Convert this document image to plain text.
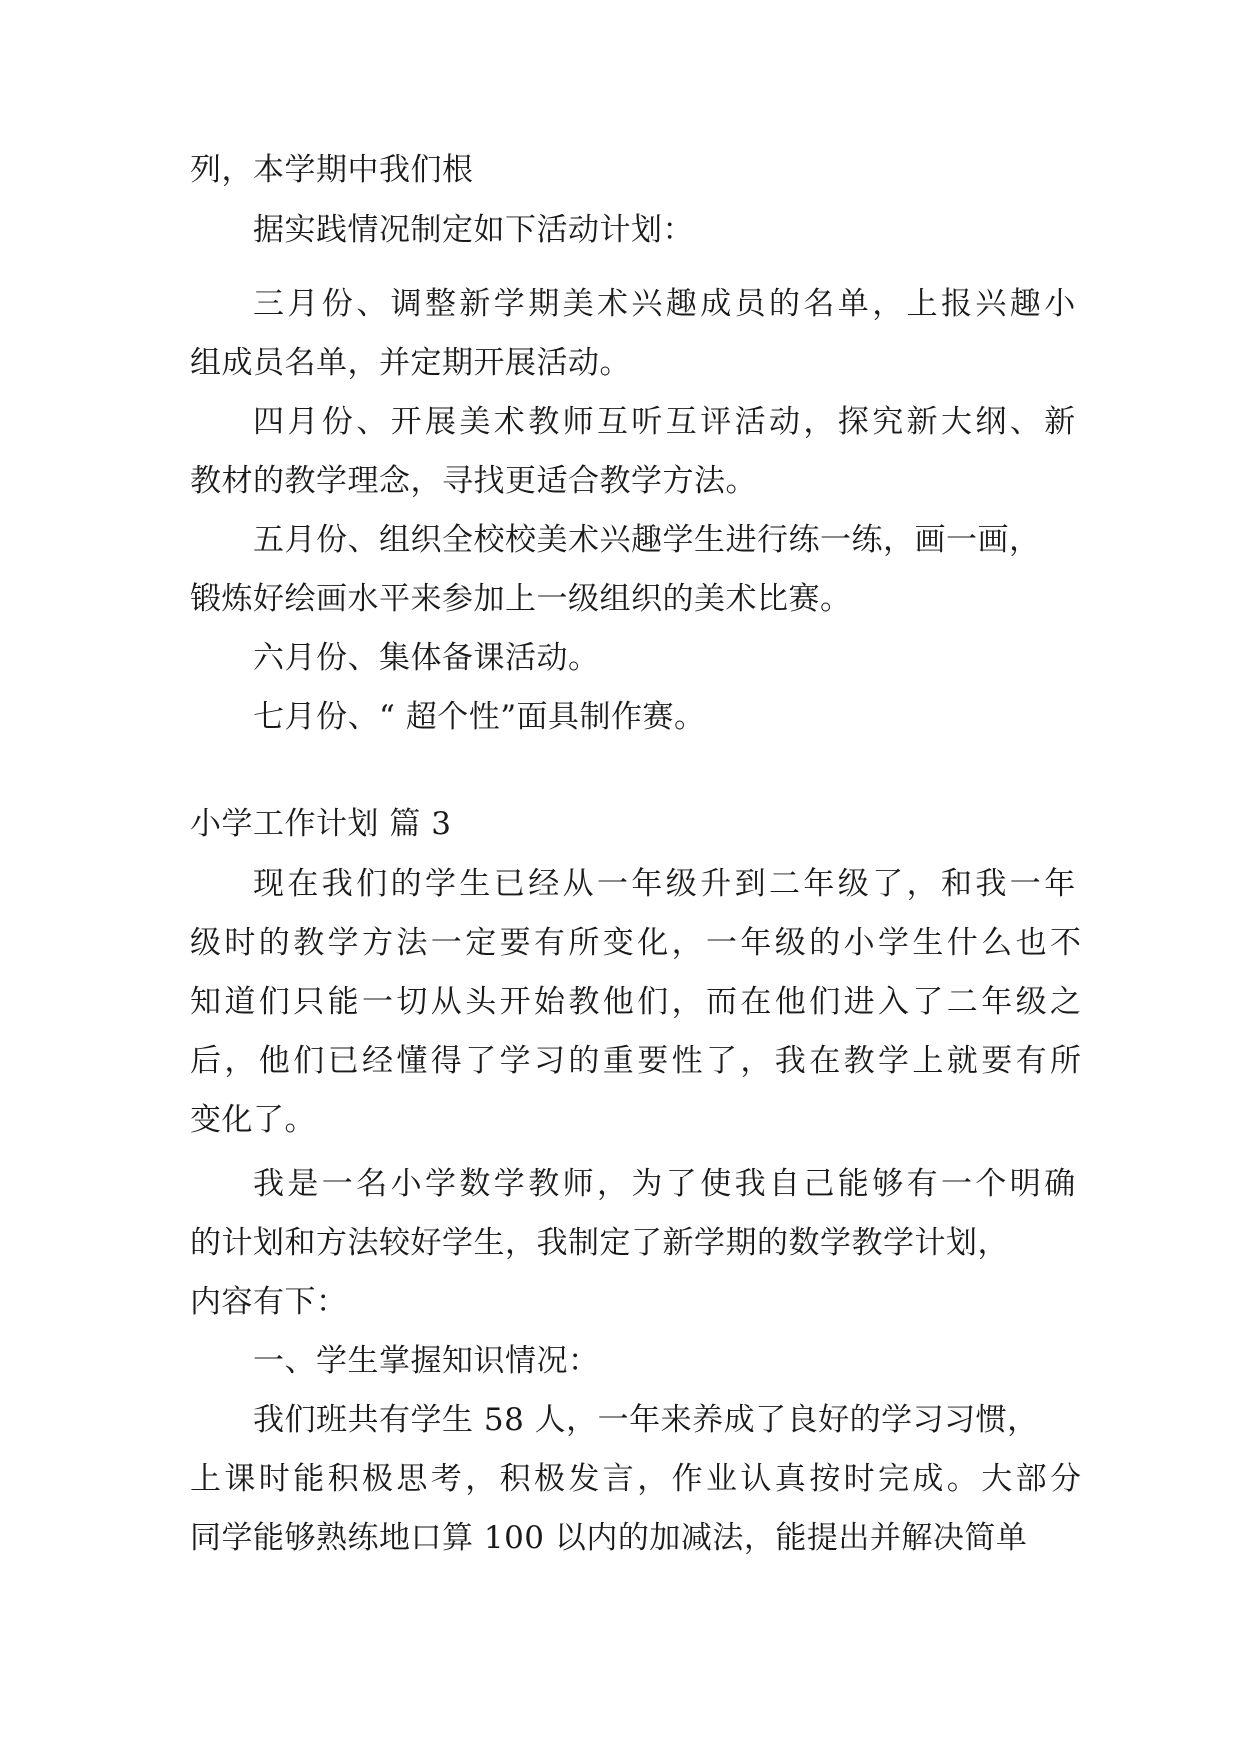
列，本学期中我们根
据实践情况制定如下活动计划：
三月份、调整新学期美术兴趣成员的名单，上报兴趣小
组成员名单，并定期开展活动。
四月份、开展美术教师互听互评活动，探究新大纲、新
教材的教学理念，寻找更适合教学方法。
五月份、组织全校校美术兴趣学生进行练一练，画一画，
锻炼好绘画水平来参加上一级组织的美术比赛。
六月份、集体备课活动。
七月份、“ 超个性”面具制作赛。
小学工作计划 篇 3
现在我们的学生已经从一年级升到二年级了，和我一年
级时的教学方法一定要有所变化，一年级的小学生什么也不
知道们只能一切从头开始教他们，而在他们进入了二年级之
后，他们已经懂得了学习的重要性了，我在教学上就要有所
变化了。
我是一名小学数学教师，为了使我自己能够有一个明确
的计划和方法较好学生，我制定了新学期的数学教学计划，
内容有下：
一、学生掌握知识情况：
我们班共有学生 58 人，一年来养成了良好的学习习惯，
上课时能积极思考，积极发言，作业认真按时完成。大部分
同学能够熟练地口算 100 以内的加减法，能提出并解决简单
